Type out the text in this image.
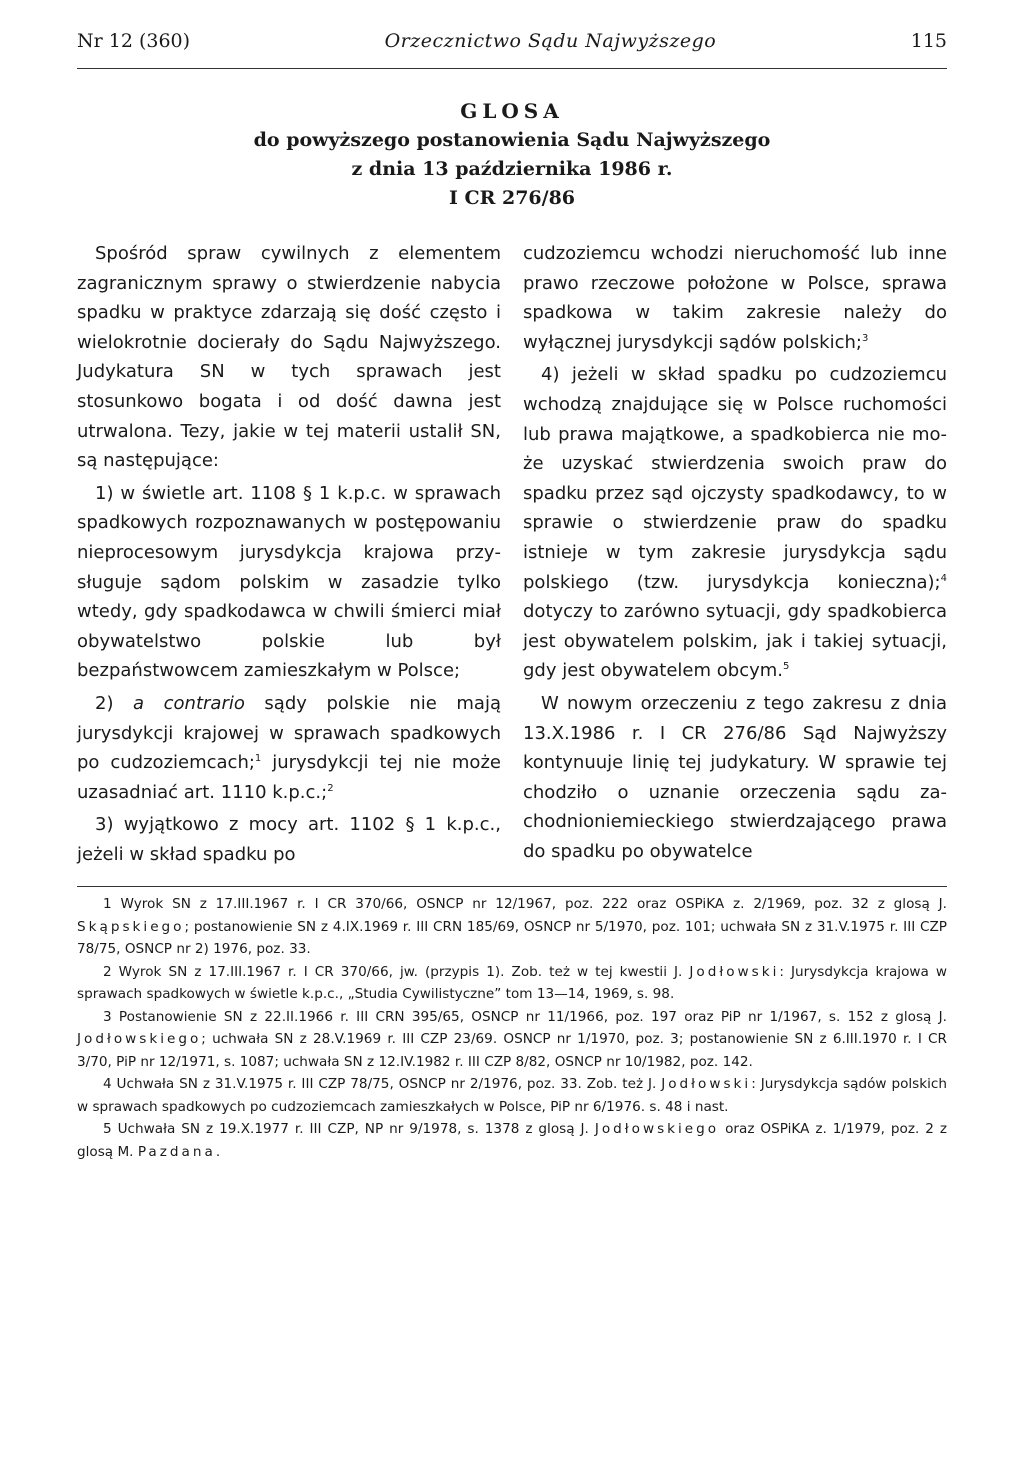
Nr 12 (360)	Orzecznictwo Sądu Najwyższego	115
GLOSA
do powyższego postanowienia Sądu Najwyższego
z dnia 13 października 1986 r.
I CR 276/86

Spośród spraw cywilnych z elementem zagranicznym sprawy o stwierdzenie nabycia spadku w praktyce zdarzają się dość często i wielokrotnie docierały do Sądu Najwyższego. Judykatura SN w tych sprawach jest stosunkowo bogata i od dość dawna jest utrwalona. Tezy, jakie w tej materii ustalił SN, są następujące:

1) w świetle art. 1108 § 1 k.p.c. w sprawach spadkowych rozpoznawanych w postępowaniu nieprocesowym jurysdykcja krajowa przysługuje sądom polskim w zasadzie tylko wtedy, gdy spadkodawca w chwili śmierci miał obywatelstwo polskie lub był bezpaństwowcem zamieszkałym w Polsce;

2) a contrario sądy polskie nie mają jurysdykcji krajowej w sprawach spadkowych po cudzoziemcach;$^1$ jurysdykcji tej nie może uzasadniać art. 1110 k.p.c.;$^2$

3) wyjątkowo z mocy art. 1102 § 1 k.p.c., jeżeli w skład spadku po

cudzoziemcu wchodzi nieruchomość lub inne prawo rzeczowe położone w Polsce, sprawa spadkowa w takim zakresie należy do wyłącznej jurysdykcji sądów polskich;$^3$

4) jeżeli w skład spadku po cudzoziemcu wchodzą znajdujące się w Polsce ruchomości lub prawa majątkowe, a spadkobierca nie może uzyskać stwierdzenia swoich praw do spadku przez sąd ojczysty spadkodawcy, to w sprawie o stwierdzenie praw do spadku istnieje w tym zakresie jurysdykcja sądu polskiego (tzw. jurysdykcja konieczna);$^4$ dotyczy to zarówno sytuacji, gdy spadkobierca jest obywatelem polskim, jak i takiej sytuacji, gdy jest obywatelem obcym.$^5$

W nowym orzeczeniu z tego zakresu z dnia 13.X.1986 r. I CR 276/86 Sąd Najwyższy kontynuuje linię tej judykatury. W sprawie tej chodziło o uznanie orzeczenia sądu zachodnioniemieckiego stwierdzającego prawa do spadku po obywatelce

1 Wyrok SN z 17.III.1967 r. I CR 370/66, OSNCP nr 12/1967, poz. 222 oraz OSPiKA z. 2/1969, poz. 32 z glosą J. Skąpskiego; postanowienie SN z 4.IX.1969 r. III CRN 185/69, OSNCP nr 5/1970, poz. 101; uchwała SN z 31.V.1975 r. III CZP 78/75, OSNCP nr 2) 1976, poz. 33.

2 Wyrok SN z 17.III.1967 r. I CR 370/66, jw. (przypis 1). Zob. też w tej kwestii J. Jodłowski: Jurysdykcja krajowa w sprawach spadkowych w świetle k.p.c., „Studia Cywilistyczne” tom 13—14, 1969, s. 98.

3 Postanowienie SN z 22.II.1966 r. III CRN 395/65, OSNCP nr 11/1966, poz. 197 oraz PiP nr 1/1967, s. 152 z glosą J. Jodłowskiego; uchwała SN z 28.V.1969 r. III CZP 23/69. OSNCP nr 1/1970, poz. 3; postanowienie SN z 6.III.1970 r. I CR 3/70, PiP nr 12/1971, s. 1087; uchwała SN z 12.IV.1982 r. III CZP 8/82, OSNCP nr 10/1982, poz. 142.

4 Uchwała SN z 31.V.1975 r. III CZP 78/75, OSNCP nr 2/1976, poz. 33. Zob. też J. Jodłowski: Jurysdykcja sądów polskich w sprawach spadkowych po cudzoziemcach zamieszkałych w Polsce, PiP nr 6/1976. s. 48 i nast.

5 Uchwała SN z 19.X.1977 r. III CZP, NP nr 9/1978, s. 1378 z glosą J. Jodłowskiego oraz OSPiKA z. 1/1979, poz. 2 z glosą M. Pazdana.
